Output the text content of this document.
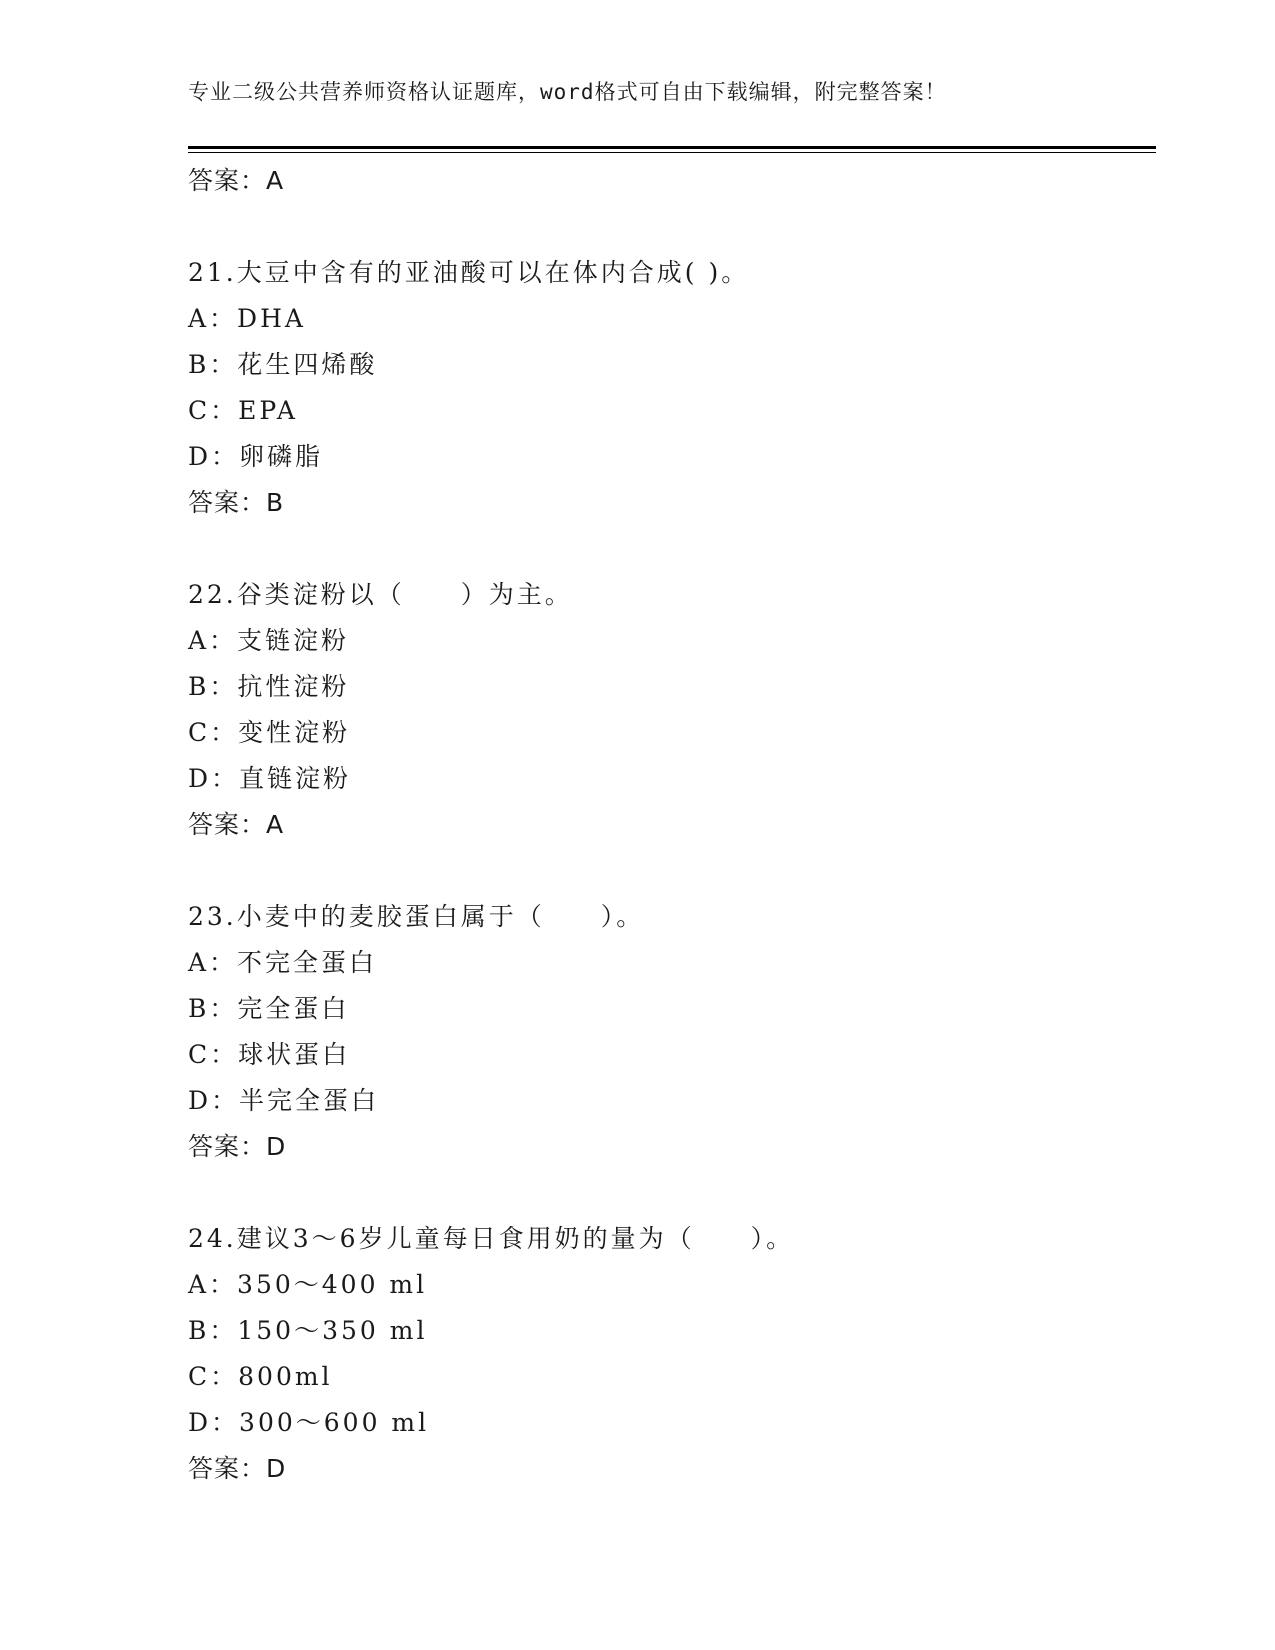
专业二级公共营养师资格认证题库，word格式可自由下载编辑，附完整答案！
答案：A
21.大豆中含有的亚油酸可以在体内合成( )。
A：DHA
B：花生四烯酸
C：EPA
D：卵磷脂
答案：B
22.谷类淀粉以（　　）为主。
A：支链淀粉
B：抗性淀粉
C：变性淀粉
D：直链淀粉
答案：A
23.小麦中的麦胶蛋白属于（　　）。
A：不完全蛋白
B：完全蛋白
C：球状蛋白
D：半完全蛋白
答案：D
24.建议3～6岁儿童每日食用奶的量为（　　）。
A：350～400 ml
B：150～350 ml
C：800ml
D：300～600 ml
答案：D
